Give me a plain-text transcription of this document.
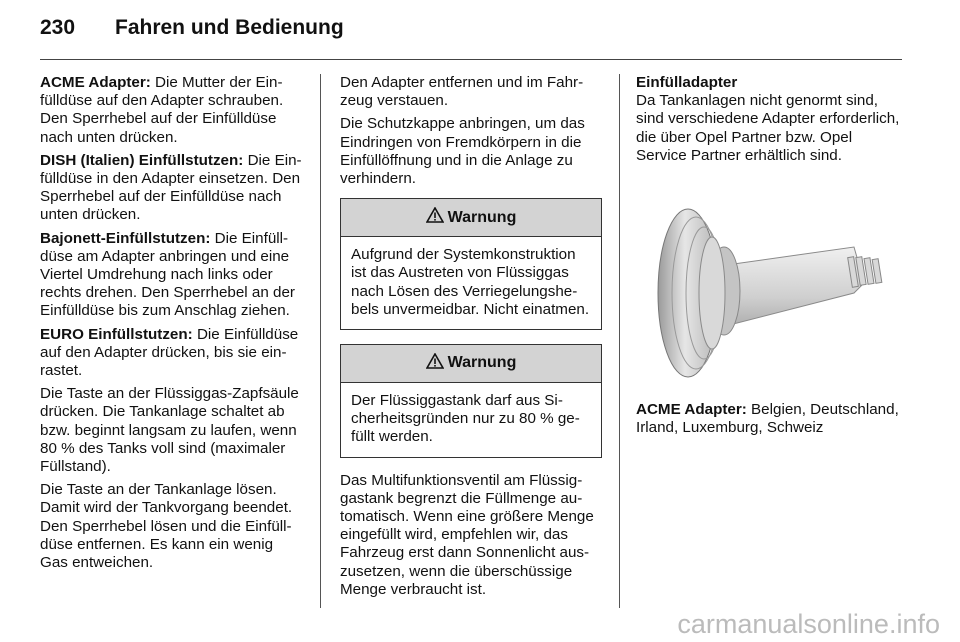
230 Fahren und Bedienung

ACME Adapter: Die Mutter der Einfülldüse auf den Adapter schrauben. Den Sperrhebel auf der Einfülldüse nach unten drücken.

DISH (Italien) Einfüllstutzen: Die Einfülldüse in den Adapter einsetzen. Den Sperrhebel auf der Einfülldüse nach unten drücken.

Bajonett-Einfüllstutzen: Die Einfülldüse am Adapter anbringen und eine Viertel Umdrehung nach links oder rechts drehen. Den Sperrhebel an der Einfülldüse bis zum Anschlag ziehen.

EURO Einfüllstutzen: Die Einfülldüse auf den Adapter drücken, bis sie einrastet.

Die Taste an der Flüssiggas-Zapfsäule drücken. Die Tankanlage schaltet ab bzw. beginnt langsam zu laufen, wenn 80 % des Tanks voll sind (maximaler Füllstand).

Die Taste an der Tankanlage lösen. Damit wird der Tankvorgang beendet. Den Sperrhebel lösen und die Einfülldüse entfernen. Es kann ein wenig Gas entweichen.

Den Adapter entfernen und im Fahrzeug verstauen.

Die Schutzkappe anbringen, um das Eindringen von Fremdkörpern in die Einfüllöffnung und in die Anlage zu verhindern.

Warnung
Aufgrund der Systemkonstruktion ist das Austreten von Flüssiggas nach Lösen des Verriegelungshebels unvermeidbar. Nicht einatmen.
Warnung
Der Flüssiggastank darf aus Sicherheitsgründen nur zu 80 % gefüllt werden.

Das Multifunktionsventil am Flüssiggastank begrenzt die Füllmenge automatisch. Wenn eine größere Menge eingefüllt wird, empfehlen wir, das Fahrzeug erst dann Sonnenlicht auszusetzen, wenn die überschüssige Menge verbraucht ist.

Einfülladapter

Da Tankanlagen nicht genormt sind, sind verschiedene Adapter erforderlich, die über Opel Partner bzw. Opel Service Partner erhältlich sind.

ACME Adapter: Belgien, Deutschland, Irland, Luxemburg, Schweiz

carmanualsonline.info
